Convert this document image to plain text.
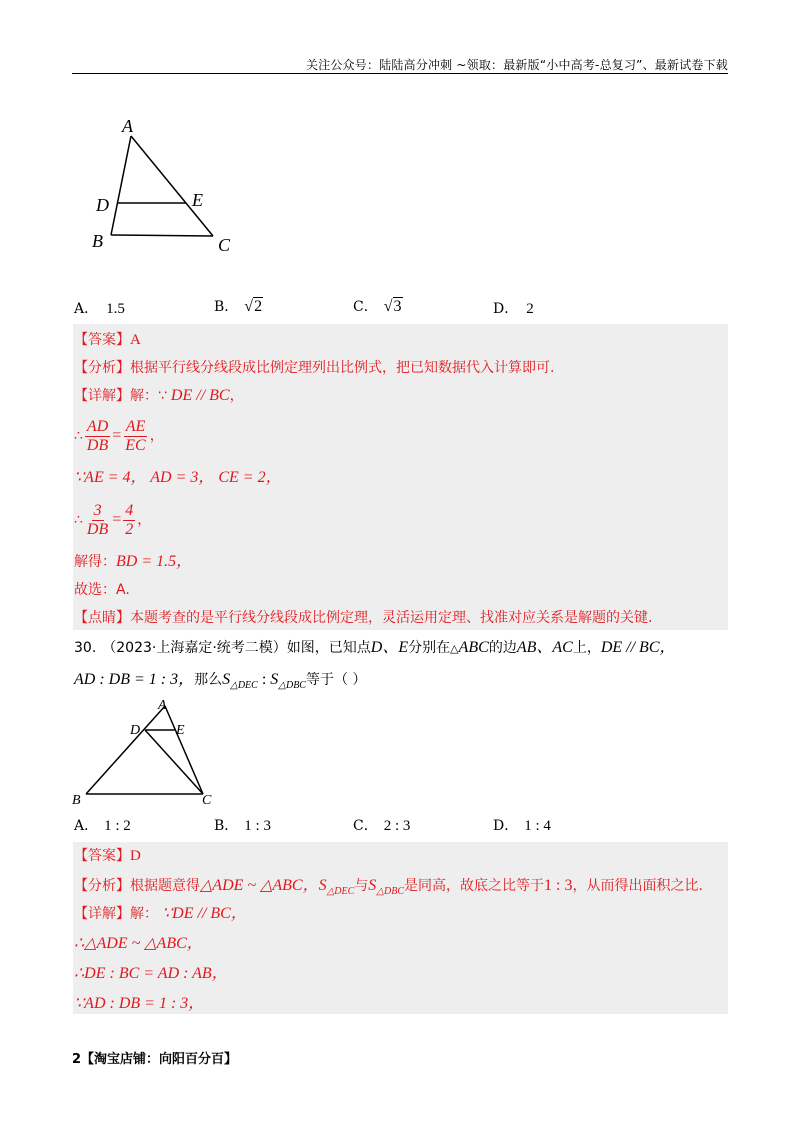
关注公众号：陆陆高分冲刺 ~领取：最新版“小中高考-总复习”、最新试卷下载
A
D	E
B	C
A． 1.5	B． √2	C． √3	D． 2
【答案】A
【分析】根据平行线分线段成比例定理列出比例式，把已知数据代入计算即可.
【详解】解：∵ DE // BC，
∴ $\frac{AD}{DB} = \frac{AE}{EC}$ ，
∵AE = 4， AD = 3， CE = 2，
∴ $\frac{3}{DB} = \frac{4}{2}$ ，
解得：BD = 1.5，
故选：A.
【点睛】本题考查的是平行线分线段成比例定理，灵活运用定理、找准对应关系是解题的关键.
30. （2023·上海嘉定·统考二模）如图，已知点D、E分别在△ABC的边AB、AC上，DE // BC，
AD : DB = 1 : 3，那么$S_{\triangle DEC}$ : $S_{\triangle DBC}$等于（ ）
A
D	E
B	C
A． 1 : 2	B． 1 : 3	C． 2 : 3	D． 1 : 4
【答案】D
【分析】根据题意得△ADE ~ △ABC，$S_{\triangle DEC}$与$S_{\triangle DBC}$是同高，故底之比等于1 : 3，从而得出面积之比.
【详解】解： ∵DE // BC，
∴△ADE ~ △ABC，
∴DE : BC = AD : AB，
∵AD : DB = 1 : 3，
2【淘宝店铺：向阳百分百】
